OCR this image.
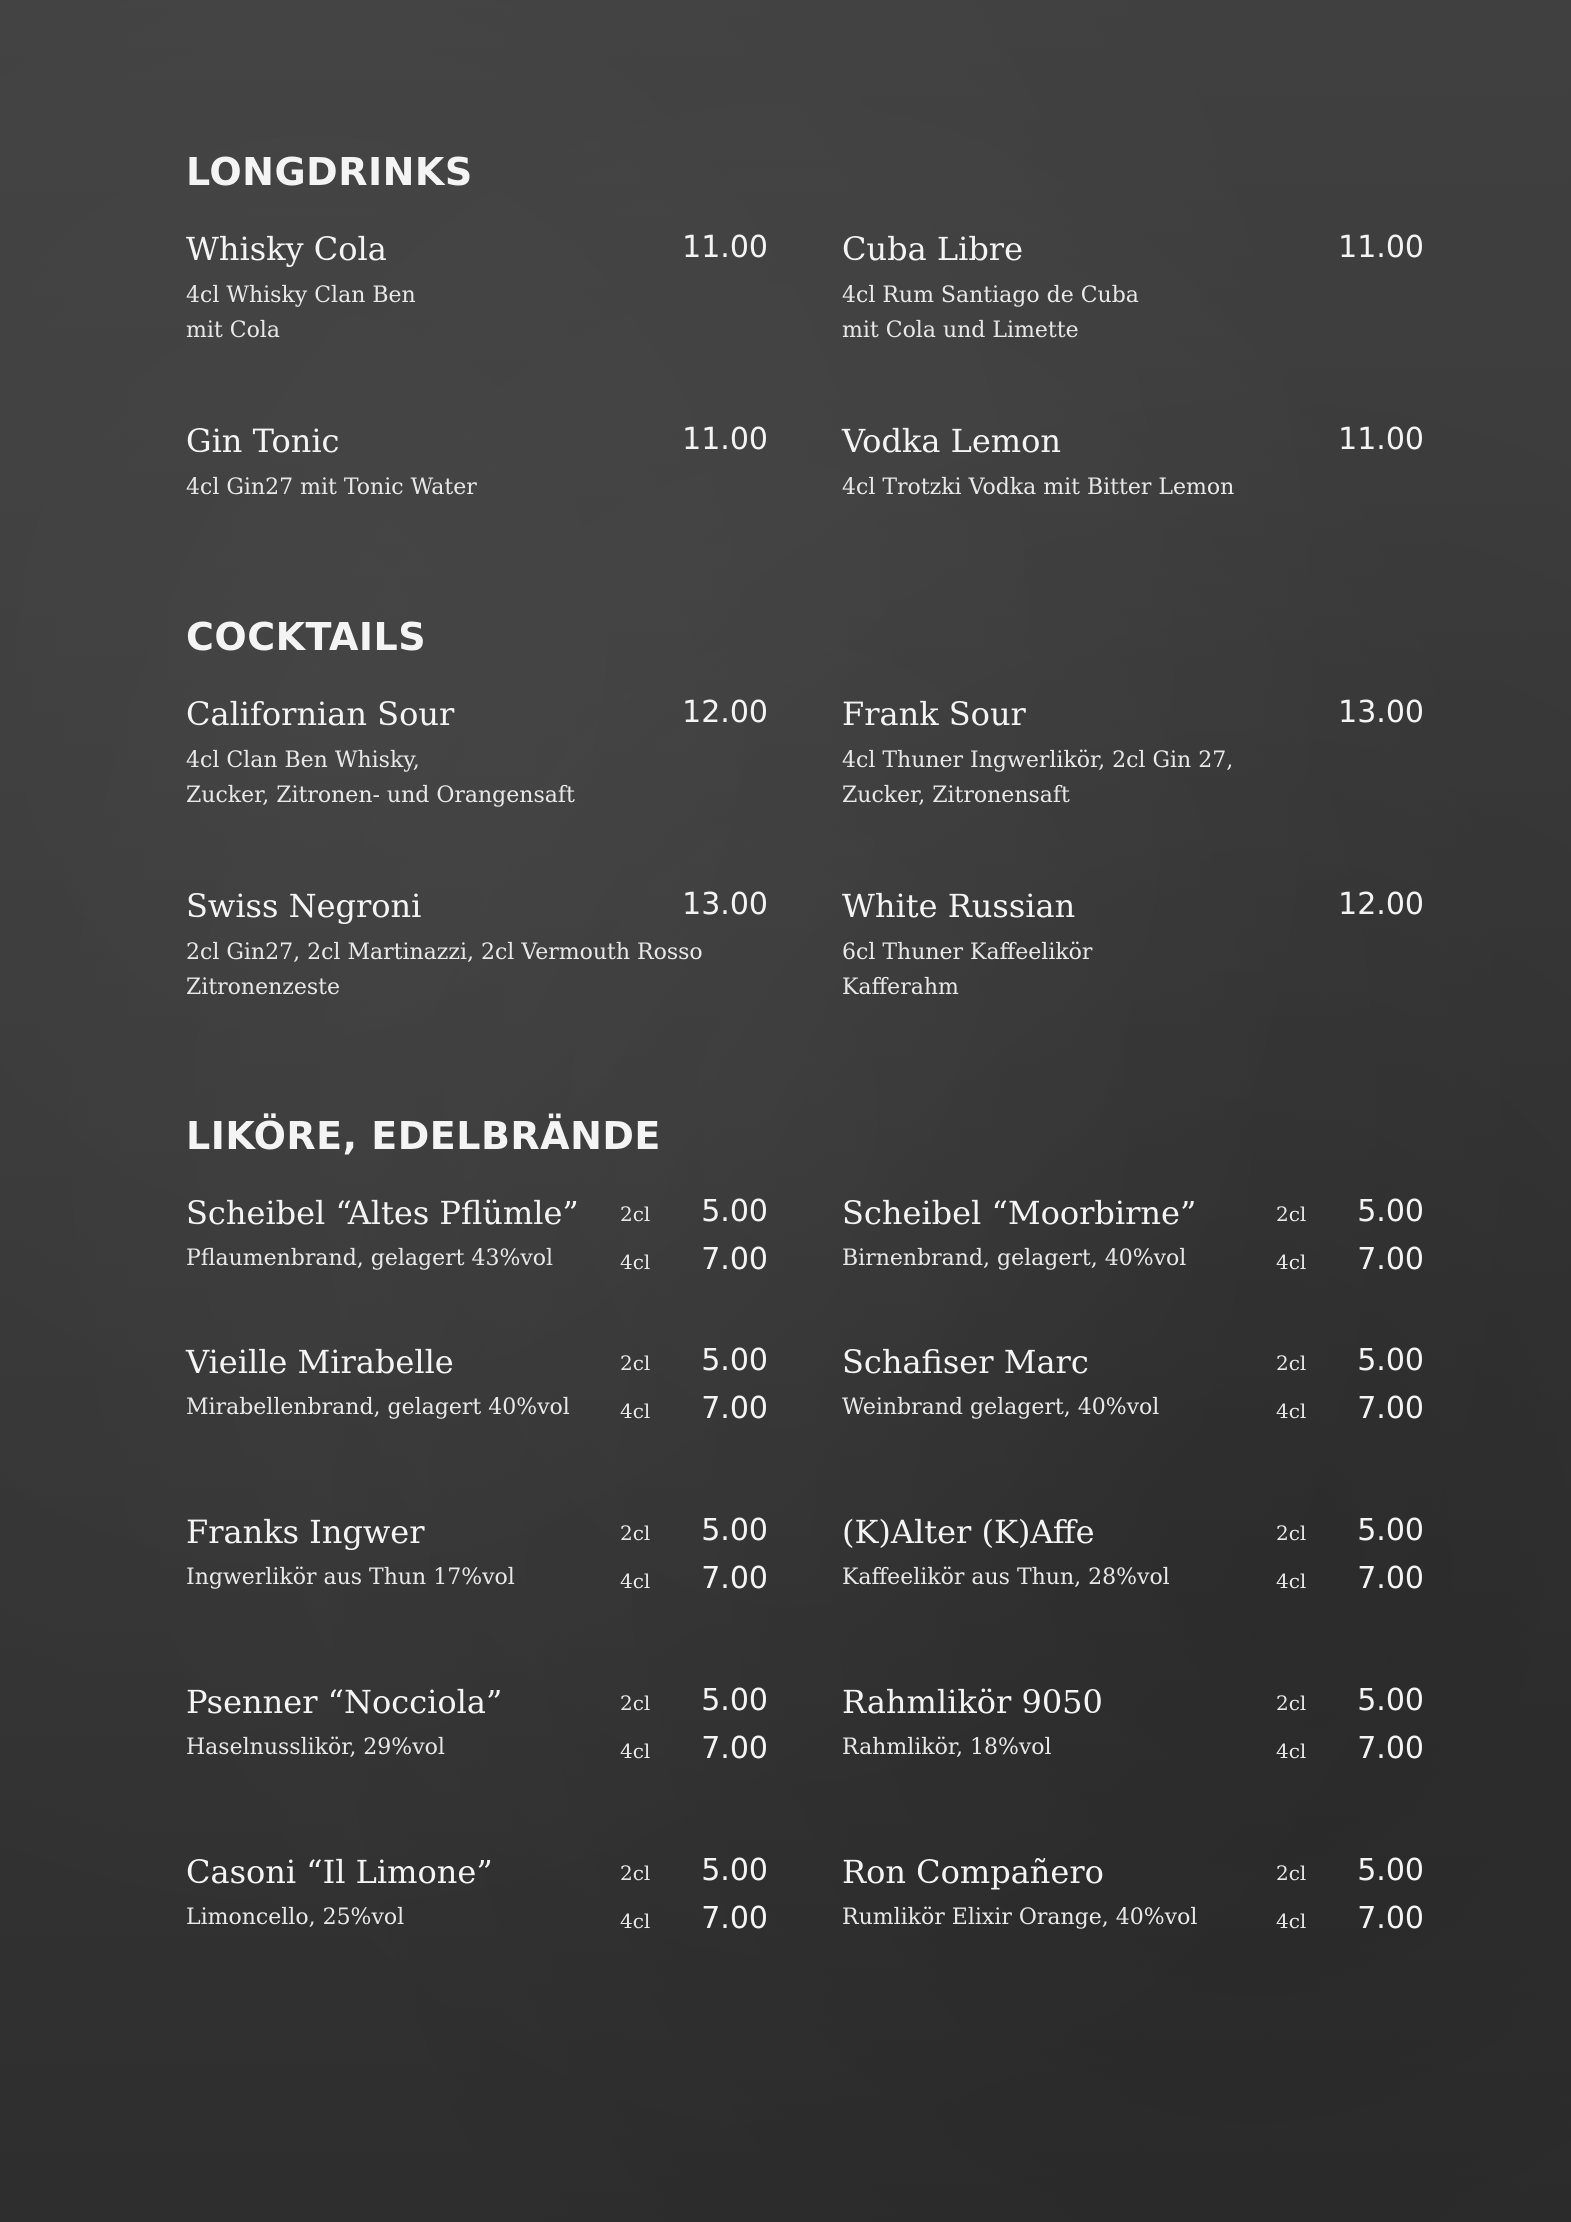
LONGDRINKS
Whisky Cola	11.00
4cl Whisky Clan Ben
mit Cola
Cuba Libre	11.00
4cl Rum Santiago de Cuba
mit Cola und Limette
Gin Tonic	11.00
4cl Gin27 mit Tonic Water
Vodka Lemon	11.00
4cl Trotzki Vodka mit Bitter Lemon
COCKTAILS
Californian Sour	12.00
4cl Clan Ben Whisky,
Zucker, Zitronen- und Orangensaft
Frank Sour	13.00
4cl Thuner Ingwerlikör, 2cl Gin 27,
Zucker, Zitronensaft
Swiss Negroni	13.00
2cl Gin27, 2cl Martinazzi, 2cl Vermouth Rosso
Zitronenzeste
White Russian	12.00
6cl Thuner Kaffeelikör
Kafferahm
LIKÖRE, EDELBRÄNDE
Scheibel “Altes Pflümle”
Pflaumenbrand, gelagert 43%vol
2cl 5.00
4cl 7.00
Scheibel “Moorbirne”
Birnenbrand, gelagert, 40%vol
2cl 5.00
4cl 7.00
Vieille Mirabelle
Mirabellenbrand, gelagert 40%vol
2cl 5.00
4cl 7.00
Schafiser Marc
Weinbrand gelagert, 40%vol
2cl 5.00
4cl 7.00
Franks Ingwer
Ingwerlikör aus Thun 17%vol
2cl 5.00
4cl 7.00
(K)Alter (K)Affe
Kaffeelikör aus Thun, 28%vol
2cl 5.00
4cl 7.00
Psenner “Nocciola”
Haselnusslikör, 29%vol
2cl 5.00
4cl 7.00
Rahmlikör 9050
Rahmlikör, 18%vol
2cl 5.00
4cl 7.00
Casoni “Il Limone”
Limoncello, 25%vol
2cl 5.00
4cl 7.00
Ron Compañero
Rumlikör Elixir Orange, 40%vol
2cl 5.00
4cl 7.00
